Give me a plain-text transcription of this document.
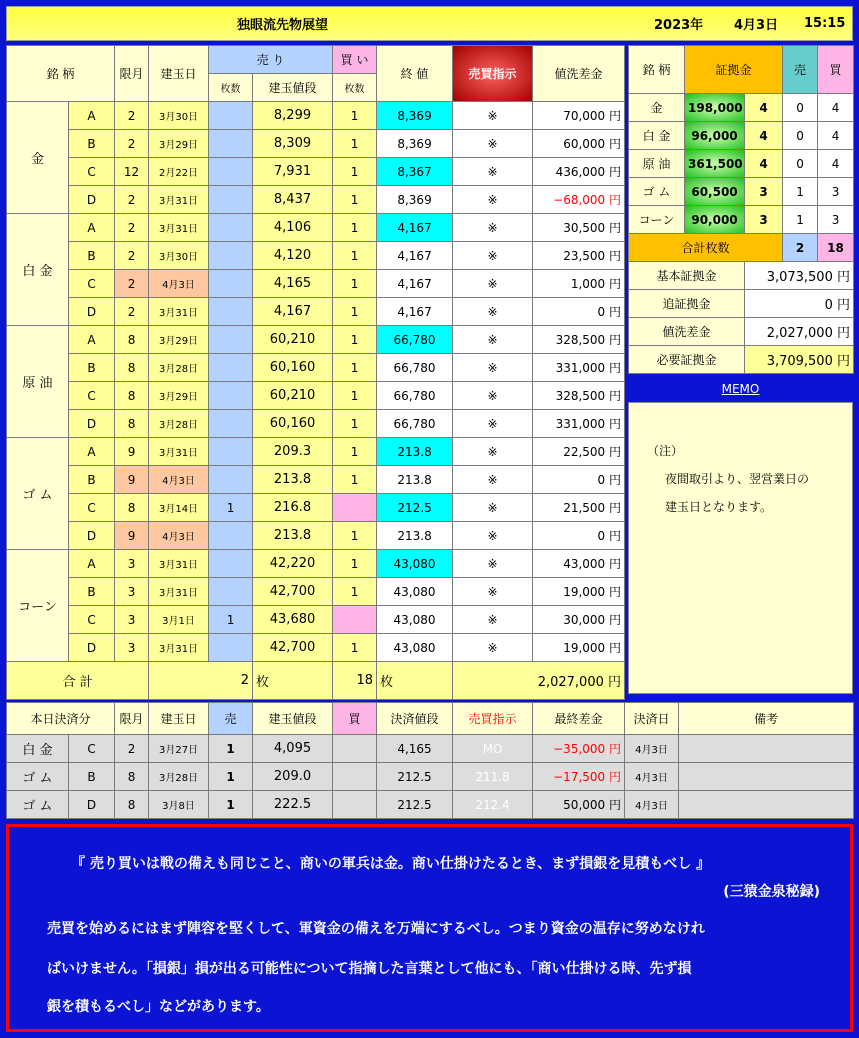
独眼流先物展望	2023年 4月3日 15:15
銘 柄		限月	建玉日	売 り		買 い	終 値	売買指示	値洗差金
				枚数	建玉値段	枚数			
金	A	2	3月30日		8,299	1	8,369	※	70,000 円
	B	2	3月29日		8,309	1	8,369	※	60,000 円
	C	12	2月22日		7,931	1	8,367	※	436,000 円
	D	2	3月31日		8,437	1	8,369	※	−68,000 円
白 金	A	2	3月31日		4,106	1	4,167	※	30,500 円
	B	2	3月30日		4,120	1	4,167	※	23,500 円
	C	2	4月3日		4,165	1	4,167	※	1,000 円
	D	2	3月31日		4,167	1	4,167	※	0 円
原 油	A	8	3月29日		60,210	1	66,780	※	328,500 円
	B	8	3月28日		60,160	1	66,780	※	331,000 円
	C	8	3月29日		60,210	1	66,780	※	328,500 円
	D	8	3月28日		60,160	1	66,780	※	331,000 円
ゴ ム	A	9	3月31日		209.3	1	213.8	※	22,500 円
	B	9	4月3日		213.8	1	213.8	※	0 円
	C	8	3月14日	1	216.8		212.5	※	21,500 円
	D	9	4月3日		213.8	1	213.8	※	0 円
コーン	A	3	3月31日		42,220	1	43,080	※	43,000 円
	B	3	3月31日		42,700	1	43,080	※	19,000 円
	C	3	3月1日	1	43,680		43,080	※	30,000 円
	D	3	3月31日		42,700	1	43,080	※	19,000 円
合 計			2		枚	18	枚	2,027,000 円	
銘 柄	証拠金		売	買
金	198,000	4	0	4
白 金	96,000	4	0	4
原 油	361,500	4	0	4
ゴ ム	60,500	3	1	3
コーン	90,000	3	1	3
合計枚数			2	18
基本証拠金		3,073,500 円		
追証拠金		0 円		
値洗差金		2,027,000 円		
必要証拠金		3,709,500 円		
MEMO

（注）

夜間取引より、翌営業日の

建玉日となります。

本日決済分		限月	建玉日	売	建玉値段	買	決済値段	売買指示	最終差金	決済日	備考
白 金	C	2	3月27日	1	4,095		4,165	MO	−35,000 円	4月3日	
ゴ ム	B	8	3月28日	1	209.0		212.5	211.8	−17,500 円	4月3日	
ゴ ム	D	8	3月8日	1	222.5		212.5	212.4	50,000 円	4月3日	
『 売り買いは戦の備えも同じこと、商いの軍兵は金。商い仕掛けたるとき、まず損銀を見積もべし 』
(三猿金泉秘録)
売買を始めるにはまず陣容を堅くして、軍資金の備えを万端にするべし。つまり資金の温存に努めなけれ
ばいけません。「損銀」損が出る可能性について指摘した言葉として他にも、「商い仕掛ける時、先ず損
銀を積もるべし」などがあります。
